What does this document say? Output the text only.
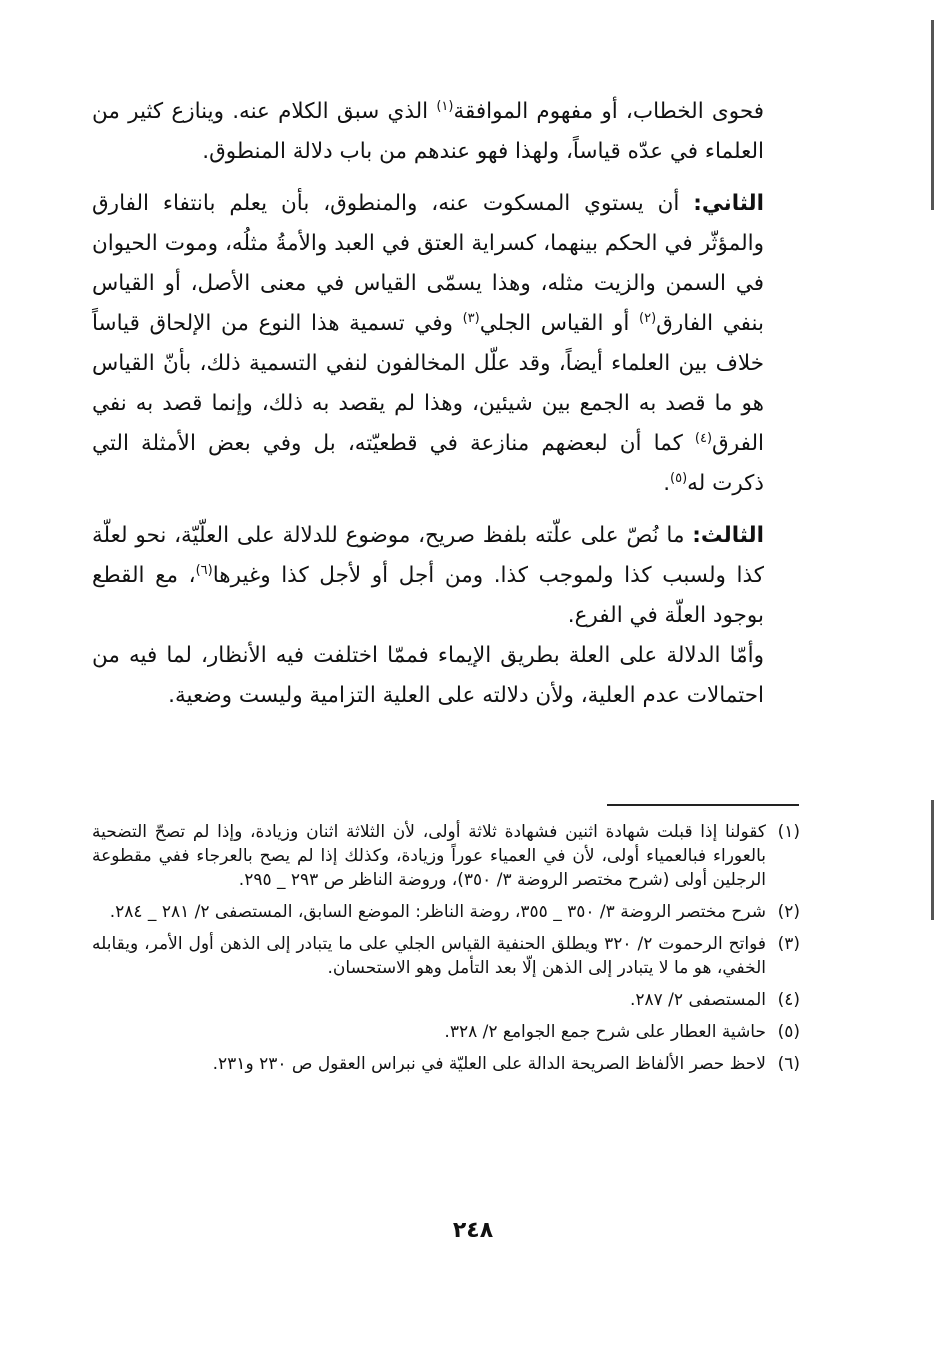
فحوى الخطاب، أو مفهوم الموافقة$^{(١)}$ الذي سبق الكلام عنه. وينازع كثير من العلماء في عدّه قياساً، ولهذا فهو عندهم من باب دلالة المنطوق.

الثاني: أن يستوي المسكوت عنه، والمنطوق، بأن يعلم بانتفاء الفارق والمؤثّر في الحكم بينهما، كسراية العتق في العبد والأمةُ مثلُه، وموت الحيوان في السمن والزيت مثله، وهذا يسمّى القياس في معنى الأصل، أو القياس بنفي الفارق$^{(٢)}$ أو القياس الجلي$^{(٣)}$ وفي تسمية هذا النوع من الإلحاق قياساً خلاف بين العلماء أيضاً، وقد علّل المخالفون لنفي التسمية ذلك، بأنّ القياس هو ما قصد به الجمع بين شيئين، وهذا لم يقصد به ذلك، وإنما قصد به نفي الفرق$^{(٤)}$ كما أن لبعضهم منازعة في قطعيّته، بل وفي بعض الأمثلة التي ذكرت له$^{(٥)}$.

الثالث: ما نُصّ على علّته بلفظ صريح، موضوع للدلالة على العلّيّة، نحو لعلّة كذا ولسبب كذا ولموجب كذا. ومن أجل أو لأجل كذا وغيرها$^{(٦)}$، مع القطع بوجود العلّة في الفرع.

وأمّا الدلالة على العلة بطريق الإيماء فممّا اختلفت فيه الأنظار، لما فيه من احتمالات عدم العلية، ولأن دلالته على العلية التزامية وليست وضعية.

(١)
كقولنا إذا قبلت شهادة اثنين فشهادة ثلاثة أولى، لأن الثلاثة اثنان وزيادة، وإذا لم تصحّ التضحية بالعوراء فبالعمياء أولى، لأن في العمياء عوراً وزيادة، وكذلك إذا لم يصح بالعرجاء ففي مقطوعة الرجلين أولى (شرح مختصر الروضة ٣/ ٣٥٠)، وروضة الناظر ص ٢٩٣ _ ٢٩٥.
(٢)
شرح مختصر الروضة ٣/ ٣٥٠ _ ٣٥٥، روضة الناظر: الموضع السابق، المستصفى ٢/ ٢٨١ _ ٢٨٤.
(٣)
فواتح الرحموت ٢/ ٣٢٠ ويطلق الحنفية القياس الجلي على ما يتبادر إلى الذهن أول الأمر، ويقابله الخفي، هو ما لا يتبادر إلى الذهن إلّا بعد التأمل وهو الاستحسان.
(٤)
المستصفى ٢/ ٢٨٧.
(٥)
حاشية العطار على شرح جمع الجوامع ٢/ ٣٢٨.
(٦)
لاحظ حصر الألفاظ الصريحة الدالة على العليّة في نبراس العقول ص ٢٣٠ و٢٣١.
٢٤٨
